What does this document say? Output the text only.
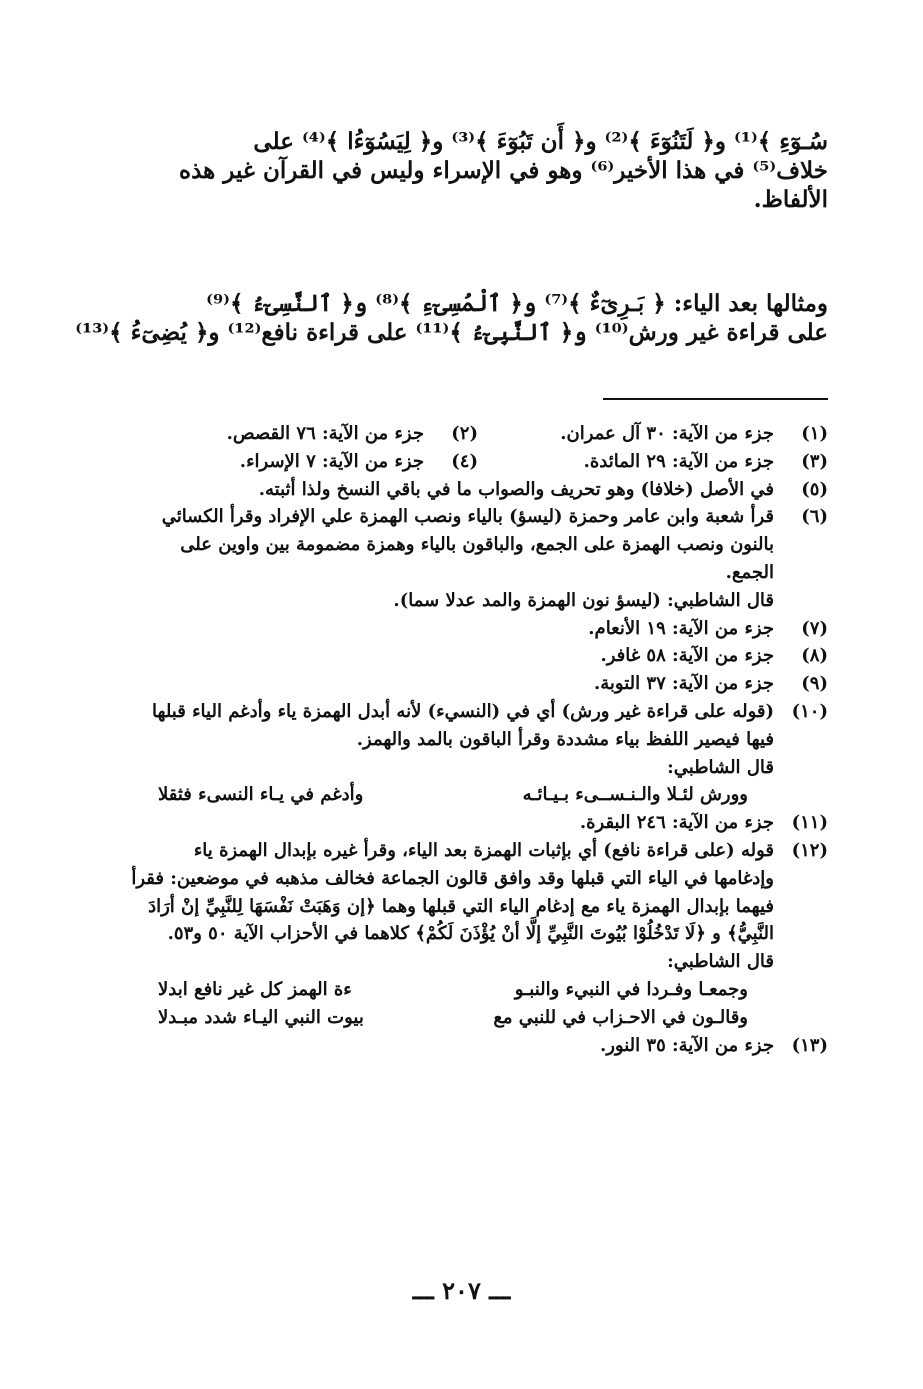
سُـوٓءِ ﴾⁽¹⁾ و﴿ لَتَنُوٓءَ ﴾⁽²⁾ و﴿ أَن تَبُوٓءَ ﴾⁽³⁾ و﴿ لِيَسُوٓءُا ﴾⁽⁴⁾ على
خلاف⁽⁵⁾ في هذا الأخير⁽⁶⁾ وهو في الإسراء وليس في القرآن غير هذه
الألفاظ.
ومثالها بعد الياء: ﴿ بَـرِىٓءٌ ﴾⁽⁷⁾ و﴿ ٱلْمُسِىٓءِ ﴾⁽⁸⁾ و﴿ ٱلنَّسِىٓءُ ﴾⁽⁹⁾
على قراءة غير ورش⁽¹⁰⁾ و﴿ ٱلنَّبِىٓءُ ﴾⁽¹¹⁾ على قراءة نافع⁽¹²⁾ و﴿ يُضِىٓءُ ﴾⁽¹³⁾
(١)
جزء من الآية: ٣٠ آل عمران.
(٢)
جزء من الآية: ٧٦ القصص.
(٣)
جزء من الآية: ٢٩ المائدة.
(٤)
جزء من الآية: ٧ الإسراء.
(٥)
في الأصل (خلافا) وهو تحريف والصواب ما في باقي النسخ ولذا أثبته.
(٦)
قرأ شعبة وابن عامر وحمزة (ليسؤ) بالياء ونصب الهمزة علي الإفراد وقرأ الكسائي بالنون ونصب الهمزة على الجمع، والباقون بالياء وهمزة مضمومة بين واوين على الجمع.
قال الشاطبي: (ليسؤ نون الهمزة والمد عدلا سما).
(٧)
جزء من الآية: ١٩ الأنعام.
(٨)
جزء من الآية: ٥٨ غافر.
(٩)
جزء من الآية: ٣٧ التوبة.
(١٠)
(قوله على قراءة غير ورش) أي في (النسيء) لأنه أبدل الهمزة ياء وأدغم الياء قبلها فيها فيصير اللفظ بياء مشددة وقرأ الباقون بالمد والهمز.
قال الشاطبي:
وورش لئـلا والـنـســىء بـيـائـه
وأدغم في يـاء النسىء فثقلا
(١١)
جزء من الآية: ٢٤٦ البقرة.
(١٢)
قوله (على قراءة نافع) أي بإثبات الهمزة بعد الياء، وقرأ غيره بإبدال الهمزة ياء وإدغامها في الياء التي قبلها وقد وافق قالون الجماعة فخالف مذهبه في موضعين: فقرأ فيهما بإبدال الهمزة ياء مع إدغام الياء التي قبلها وهما ﴿إن وَهَبَتْ نَفْسَهَا لِلنَّبِيِّ إنْ أرَادَ النَّبِيُّ﴾ و ﴿لَا تَدْخُلُوْا بُيُوتَ النَّبِيِّ إلَّا أنْ يُؤْذَنَ لَكُمْ﴾ كلاهما في الأحزاب الآية ٥٠ و٥٣.
قال الشاطبي:
وجمعـا وفـردا في النبيء والنبـو
ءة الهمز كل غير نافع ابدلا
وقالـون في الاحـزاب في للنبي مع
بيوت النبي اليـاء شدد مبـدلا
(١٣)
جزء من الآية: ٣٥ النور.
ـــ ٢٠٧ ـــ
